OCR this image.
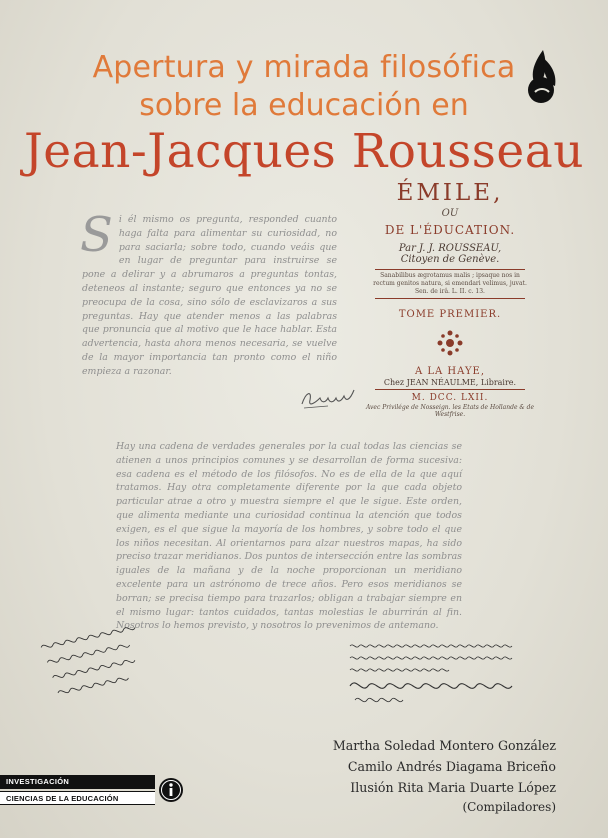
Apertura y mirada filosófica
sobre la educación en
Jean-Jacques Rousseau

ÉMILE,

OU

DE L'ÉDUCATION.

Par J. J. ROUSSEAU,

Citoyen de Genève.

Sanabilibus ægrotamus malis ; ipsaque nos in rectum genitos natura, si emendari velimus, juvat. Sen. de irâ. L. II. c. 13.

TOME PREMIER.

A LA HAYE,

Chez JEAN NÉAULME, Libraire.

M. DCC. LXII.

Avec Privilége de Nosseign. les Etats de Hollande & de Westfrise.

Si él mismo os pregunta, responded cuanto haga falta para alimentar su curiosidad, no para saciarla; sobre todo, cuando veáis que en lugar de preguntar para instruirse se pone a delirar y a abrumaros a preguntas tontas, deteneos al instante; seguro que entonces ya no se preocupa de la cosa, sino sólo de esclavizaros a sus preguntas. Hay que atender menos a las palabras que pronuncia que al motivo que le hace hablar. Esta advertencia, hasta ahora menos necesaria, se vuelve de la mayor importancia tan pronto como el niño empieza a razonar.
Hay una cadena de verdades generales por la cual todas las ciencias se atienen a unos principios comunes y se desarrollan de forma sucesiva: esa cadena es el método de los filósofos. No es de ella de la que aquí tratamos. Hay otra completamente diferente por la que cada objeto particular atrae a otro y muestra siempre el que le sigue. Este orden, que alimenta mediante una curiosidad continua la atención que todos exigen, es el que sigue la mayoría de los hombres, y sobre todo el que los niños necesitan. Al orientarnos para alzar nuestros mapas, ha sido preciso trazar meridianos. Dos puntos de intersección entre las sombras iguales de la mañana y de la noche proporcionan un meridiano excelente para un astrónomo de trece años. Pero esos meridianos se borran; se precisa tiempo para trazarlos; obligan a trabajar siempre en el mismo lugar: tantos cuidados, tantas molestias le aburrirán al fin. Nosotros lo hemos previsto, y nosotros lo prevenimos de antemano.

Martha Soledad Montero González

Camilo Andrés Diagama Briceño

Ilusión Rita Maria Duarte López

(Compiladores)

INVESTIGACIÓN
CIENCIAS DE LA EDUCACIÓN
